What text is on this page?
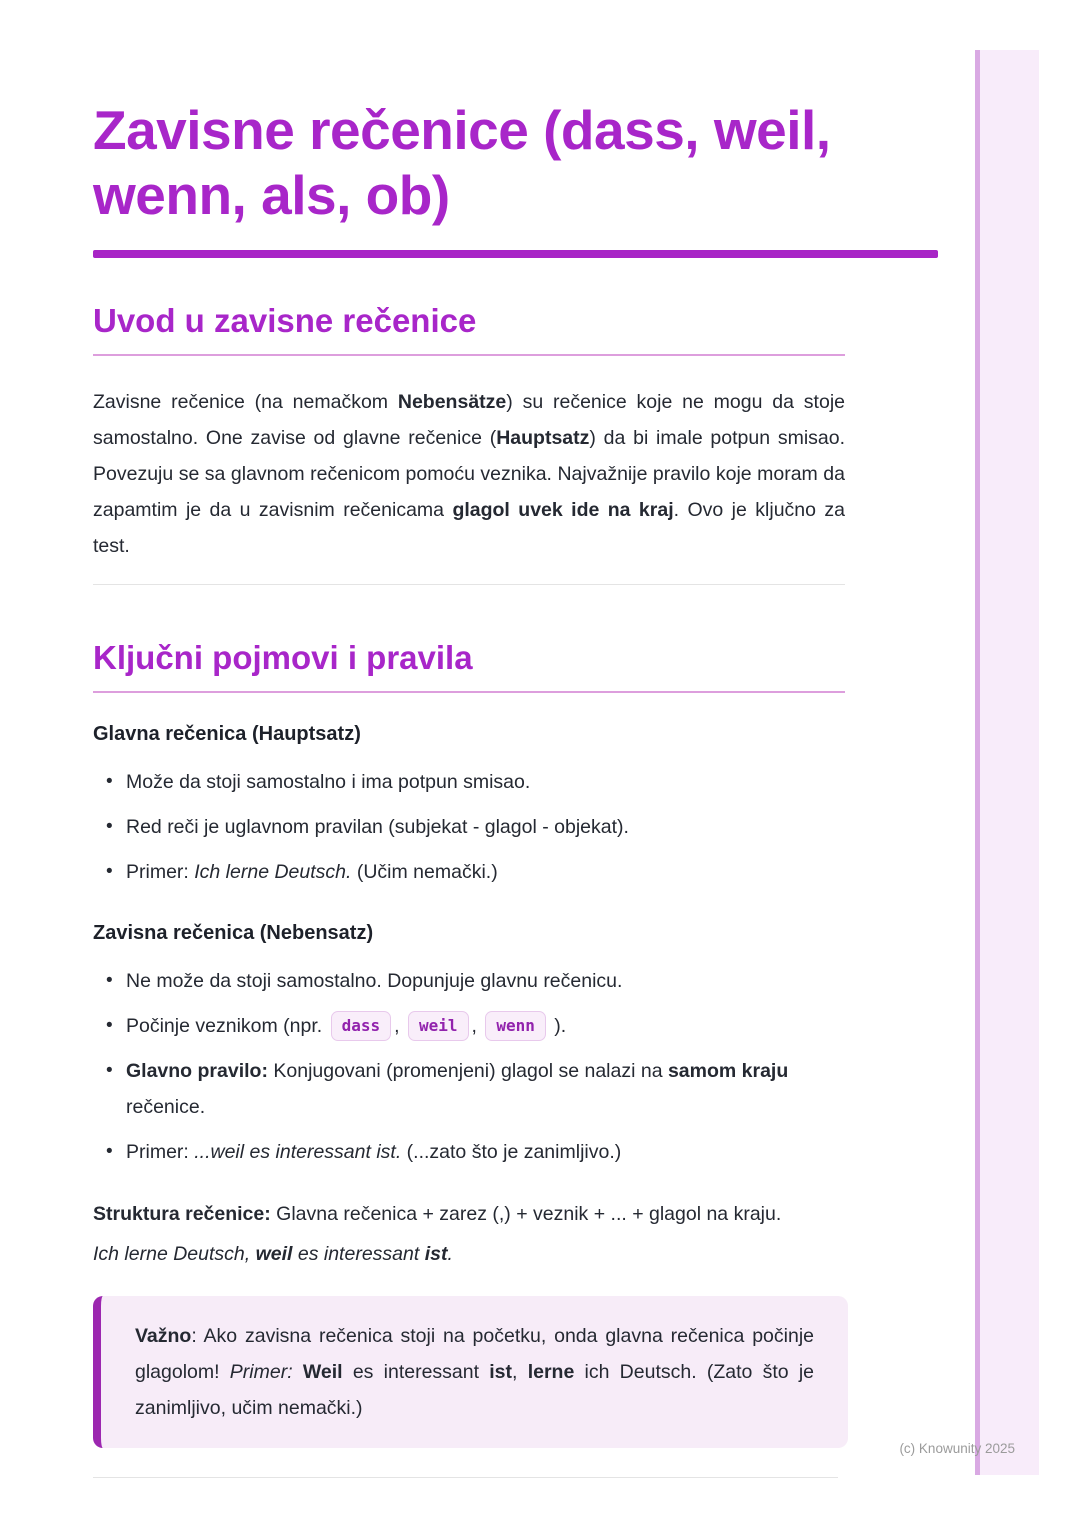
Zavisne rečenice (dass, weil, wenn, als, ob)
Uvod u zavisne rečenice

Zavisne rečenice (na nemačkom Nebensätze) su rečenice koje ne mogu da stoje samostalno. One zavise od glavne rečenice (Hauptsatz) da bi imale potpun smisao. Povezuju se sa glavnom rečenicom pomoću veznika. Najvažnije pravilo koje moram da zapamtim je da u zavisnim rečenicama glagol uvek ide na kraj. Ovo je ključno za test.

Ključni pojmovi i pravila
Glavna rečenica (Hauptsatz)
• Može da stoji samostalno i ima potpun smisao.
• Red reči je uglavnom pravilan (subjekat - glagol - objekat).
• Primer: Ich lerne Deutsch. (Učim nemački.)
Zavisna rečenica (Nebensatz)
• Ne može da stoji samostalno. Dopunjuje glavnu rečenicu.
• Počinje veznikom (npr. dass , weil , wenn ).
• Glavno pravilo: Konjugovani (promenjeni) glagol se nalazi na samom kraju rečenice.
• Primer: ...weil es interessant ist. (...zato što je zanimljivo.)

Struktura rečenice: Glavna rečenica + zarez (,) + veznik + ... + glagol na kraju.
Ich lerne Deutsch, weil es interessant ist.

Važno: Ako zavisna rečenica stoji na početku, onda glavna rečenica počinje glagolom! Primer: Weil es interessant ist, lerne ich Deutsch. (Zato što je zanimljivo, učim nemački.)

(c) Knowunity 2025
